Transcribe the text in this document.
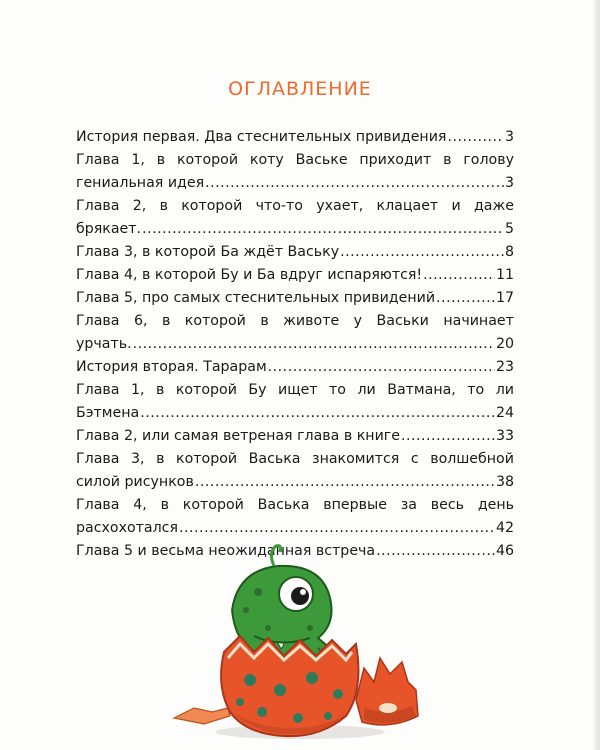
ОГЛАВЛЕНИЕ
История первая. Два стеснительных привидения .....	3
Глава 1, в которой коту Ваське приходит в голову
гениальная идея .....	3
Глава 2, в которой что-то ухает, клацает и даже
брякает. .....	5
Глава 3, в которой Ба ждёт Ваську .....	8
Глава 4, в которой Бу и Ба вдруг испаряются! .....	11
Глава 5, про самых стеснительных привидений .....	17
Глава 6, в которой в животе у Васьки начинает
урчать. .....	20
История вторая. Тарарам .....	23
Глава 1, в которой Бу ищет то ли Ватмана, то ли
Бэтмена .....	24
Глава 2, или самая ветреная глава в книге .....	33
Глава 3, в которой Васька знакомится с волшебной
силой рисунков .....	38
Глава 4, в которой Васька впервые за весь день
расхохотался .....	42
Глава 5 и весьма неожиданная встреча .....	46
